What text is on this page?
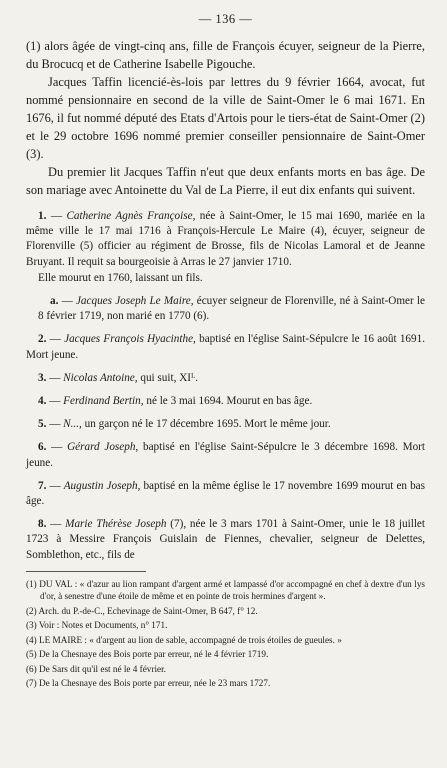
— 136 —

(1) alors âgée de vingt-cinq ans, fille de François écuyer, seigneur de la Pierre, du Brocucq et de Catherine Isabelle Pigouche.

Jacques Taffin licencié-ès-lois par lettres du 9 février 1664, avocat, fut nommé pensionnaire en second de la ville de Saint-Omer le 6 mai 1671. En 1676, il fut nommé député des Etats d'Artois pour le tiers-état de Saint-Omer (2) et le 29 octobre 1696 nommé premier conseiller pensionnaire de Saint-Omer (3).

Du premier lit Jacques Taffin n'eut que deux enfants morts en bas âge. De son mariage avec Antoinette du Val de La Pierre, il eut dix enfants qui suivent.

1. — Catherine Agnès Françoise, née à Saint-Omer, le 15 mai 1690, mariée en la même ville le 17 mai 1716 à François-Hercule Le Maire (4), écuyer, seigneur de Florenville (5) officier au régiment de Brosse, fils de Nicolas Lamoral et de Jeanne Bruyant. Il requit sa bourgeoisie à Arras le 27 janvier 1710.

Elle mourut en 1760, laissant un fils.

a. — Jacques Joseph Le Maire, écuyer seigneur de Florenville, né à Saint-Omer le 8 février 1719, non marié en 1770 (6).

2. — Jacques François Hyacinthe, baptisé en l'église Saint-Sépulcre le 16 août 1691. Mort jeune.

3. — Nicolas Antoine, qui suit, XIᴸ.

4. — Ferdinand Bertin, né le 3 mai 1694. Mourut en bas âge.

5. — N..., un garçon né le 17 décembre 1695. Mort le même jour.

6. — Gérard Joseph, baptisé en l'église Saint-Sépulcre le 3 décembre 1698. Mort jeune.

7. — Augustin Joseph, baptisé en la même église le 17 novembre 1699 mourut en bas âge.

8. — Marie Thérèse Joseph (7), née le 3 mars 1701 à Saint-Omer, unie le 18 juillet 1723 à Messire François Guislain de Fiennes, chevalier, seigneur de Delettes, Somblethon, etc., fils de

(1) DU VAL : « d'azur au lion rampant d'argent armé et lampassé d'or accompagné en chef à dextre d'un lys d'or, à senestre d'une étoile de même et en pointe de trois hermines d'argent ».

(2) Arch. du P.-de-C., Echevinage de Saint-Omer, B 647, f° 12.

(3) Voir : Notes et Documents, n° 171.

(4) LE MAIRE : « d'argent au lion de sable, accompagné de trois étoiles de gueules. »

(5) De la Chesnaye des Bois porte par erreur, né le 4 février 1719.

(6) De Sars dit qu'il est né le 4 février.

(7) De la Chesnaye des Bois porte par erreur, née le 23 mars 1727.
